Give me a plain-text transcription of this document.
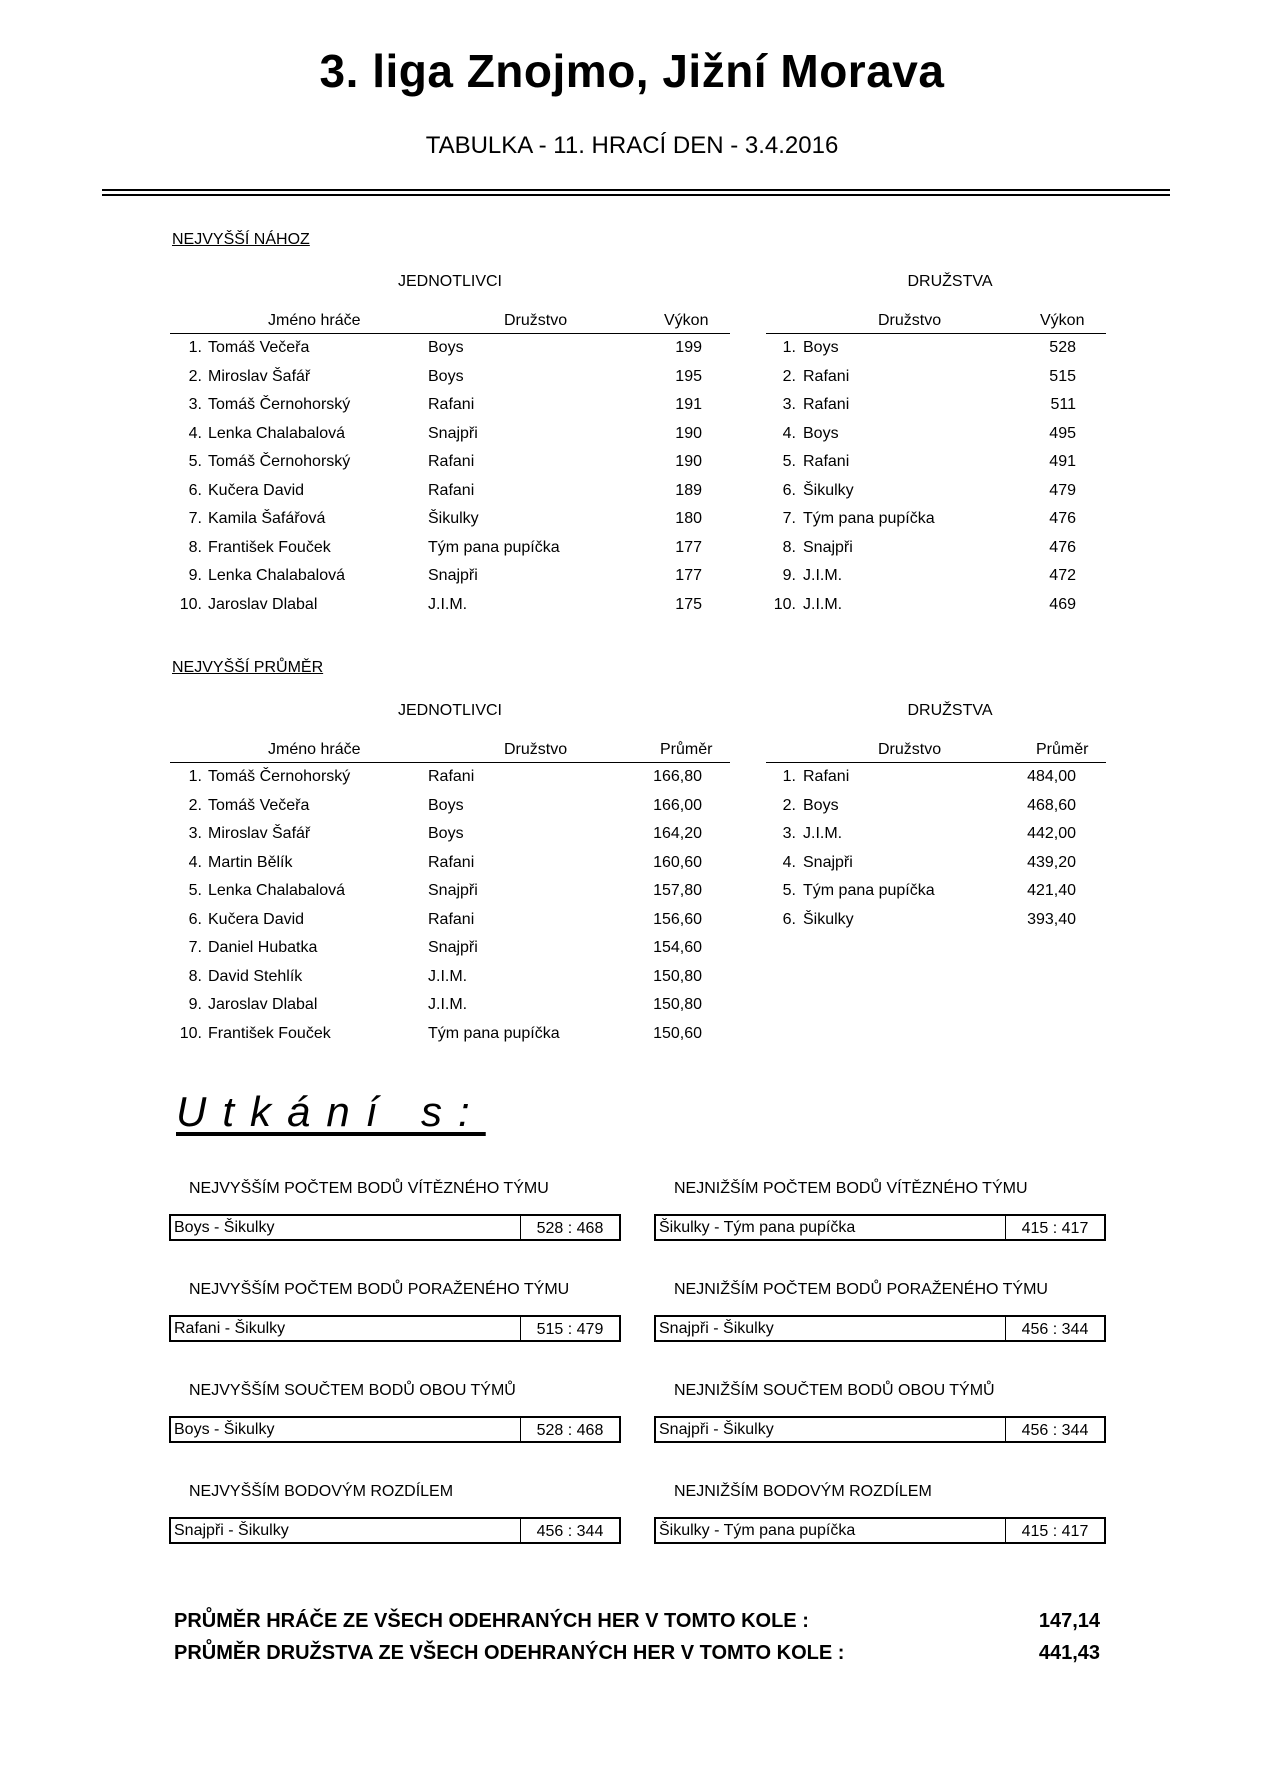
3. liga Znojmo, Jižní Morava
TABULKA - 11. HRACÍ DEN - 3.4.2016
NEJVYŠŠÍ NÁHOZ
JEDNOTLIVCI	DRUŽSTVA
Jméno hráče	Družstvo	Výkon
1. Tomáš Večeřa	Boys	199
2. Miroslav Šafář	Boys	195
3. Tomáš Černohorský	Rafani	191
4. Lenka Chalabalová	Snajpři	190
5. Tomáš Černohorský	Rafani	190
6. Kučera David	Rafani	189
7. Kamila Šafářová	Šikulky	180
8. František Fouček	Tým pana pupíčka	177
9. Lenka Chalabalová	Snajpři	177
10. Jaroslav Dlabal	J.I.M.	175
Družstvo	Výkon
1. Boys	528
2. Rafani	515
3. Rafani	511
4. Boys	495
5. Rafani	491
6. Šikulky	479
7. Tým pana pupíčka	476
8. Snajpři	476
9. J.I.M.	472
10. J.I.M.	469
NEJVYŠŠÍ PRŮMĚR
JEDNOTLIVCI	DRUŽSTVA
Jméno hráče	Družstvo	Průměr
1. Tomáš Černohorský	Rafani	166,80
2. Tomáš Večeřa	Boys	166,00
3. Miroslav Šafář	Boys	164,20
4. Martin Bělík	Rafani	160,60
5. Lenka Chalabalová	Snajpři	157,80
6. Kučera David	Rafani	156,60
7. Daniel Hubatka	Snajpři	154,60
8. David Stehlík	J.I.M.	150,80
9. Jaroslav Dlabal	J.I.M.	150,80
10. František Fouček	Tým pana pupíčka	150,60
Družstvo	Průměr
1. Rafani	484,00
2. Boys	468,60
3. J.I.M.	442,00
4. Snajpři	439,20
5. Tým pana pupíčka	421,40
6. Šikulky	393,40
Utkání s:
NEJVYŠŠÍM POČTEM BODŮ VÍTĚZNÉHO TÝMU
Boys - Šikulky	528 : 468
NEJVYŠŠÍM POČTEM BODŮ PORAŽENÉHO TÝMU
Rafani - Šikulky	515 : 479
NEJVYŠŠÍM SOUČTEM BODŮ OBOU TÝMŮ
Boys - Šikulky	528 : 468
NEJVYŠŠÍM BODOVÝM ROZDÍLEM
Snajpři - Šikulky	456 : 344
NEJNIŽŠÍM POČTEM BODŮ VÍTĚZNÉHO TÝMU
Šikulky - Tým pana pupíčka	415 : 417
NEJNIŽŠÍM POČTEM BODŮ PORAŽENÉHO TÝMU
Snajpři - Šikulky	456 : 344
NEJNIŽŠÍM SOUČTEM BODŮ OBOU TÝMŮ
Snajpři - Šikulky	456 : 344
NEJNIŽŠÍM BODOVÝM ROZDÍLEM
Šikulky - Tým pana pupíčka	415 : 417
PRŮMĚR HRÁČE ZE VŠECH ODEHRANÝCH HER V TOMTO KOLE :	147,14
PRŮMĚR DRUŽSTVA ZE VŠECH ODEHRANÝCH HER V TOMTO KOLE :	441,43
